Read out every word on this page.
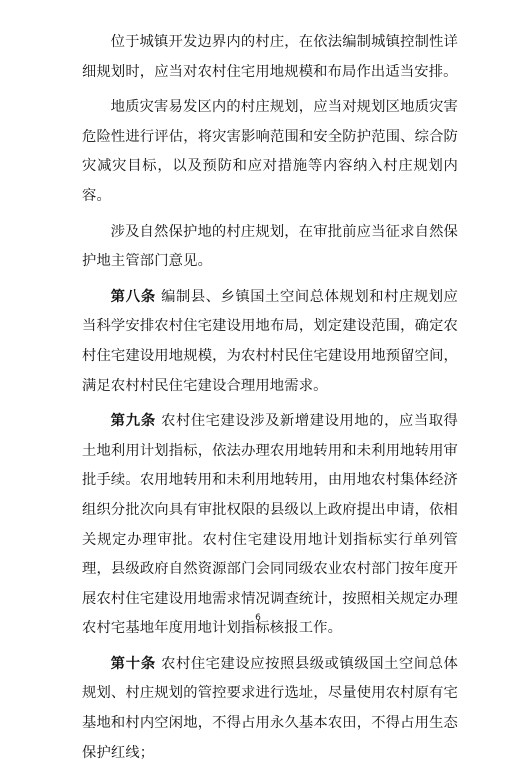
位于城镇开发边界内的村庄，在依法编制城镇控制性详细规划时，应当对农村住宅用地规模和布局作出适当安排。

地质灾害易发区内的村庄规划，应当对规划区地质灾害危险性进行评估，将灾害影响范围和安全防护范围、综合防灾减灾目标，以及预防和应对措施等内容纳入村庄规划内容。

涉及自然保护地的村庄规划，在审批前应当征求自然保护地主管部门意见。

第八条 编制县、乡镇国土空间总体规划和村庄规划应当科学安排农村住宅建设用地布局，划定建设范围，确定农村住宅建设用地规模，为农村村民住宅建设用地预留空间，满足农村村民住宅建设合理用地需求。

第九条 农村住宅建设涉及新增建设用地的，应当取得土地利用计划指标，依法办理农用地转用和未利用地转用审批手续。农用地转用和未利用地转用，由用地农村集体经济组织分批次向具有审批权限的县级以上政府提出申请，依相关规定办理审批。农村住宅建设用地计划指标实行单列管理，县级政府自然资源部门会同同级农业农村部门按年度开展农村住宅建设用地需求情况调查统计，按照相关规定办理农村宅基地年度用地计划指标核报工作。

第十条 农村住宅建设应按照县级或镇级国土空间总体规划、村庄规划的管控要求进行选址，尽量使用农村原有宅基地和村内空闲地，不得占用永久基本农田，不得占用生态保护红线；

6
